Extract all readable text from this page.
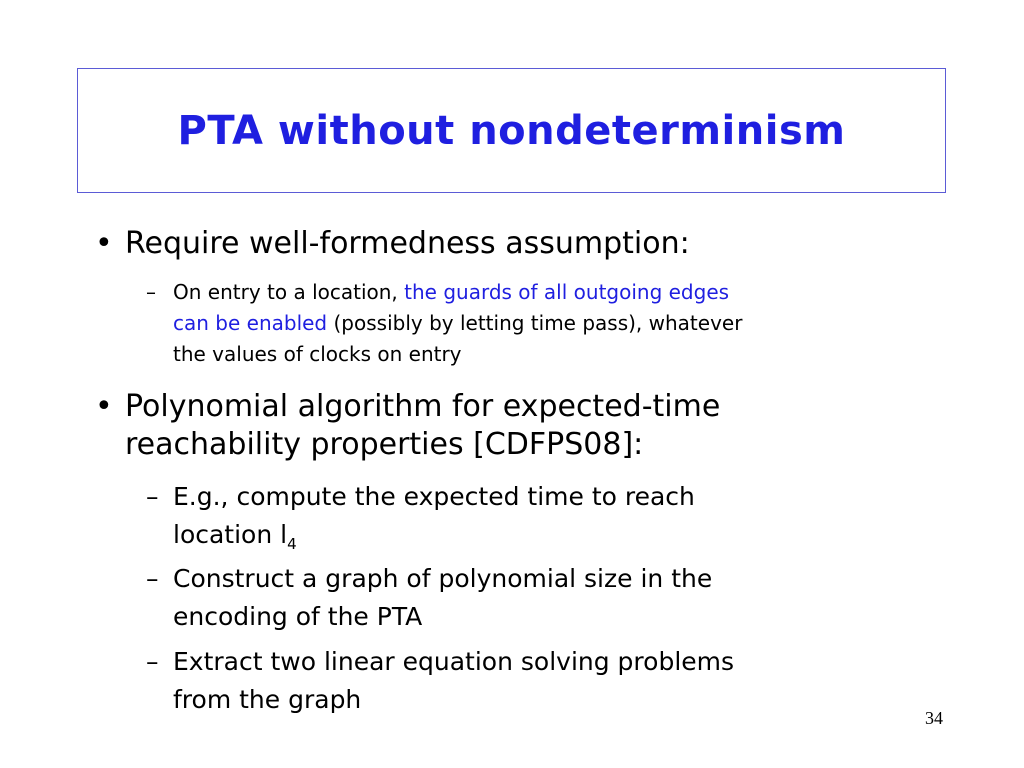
PTA without nondeterminism
• Require well-formedness assumption:
– On entry to a location, the guards of all outgoing edges
can be enabled (possibly by letting time pass), whatever
the values of clocks on entry
• Polynomial algorithm for expected-time
reachability properties [CDFPS08]:
– E.g., compute the expected time to reach
location $l_4$
– Construct a graph of polynomial size in the
encoding of the PTA
– Extract two linear equation solving problems
from the graph
34
